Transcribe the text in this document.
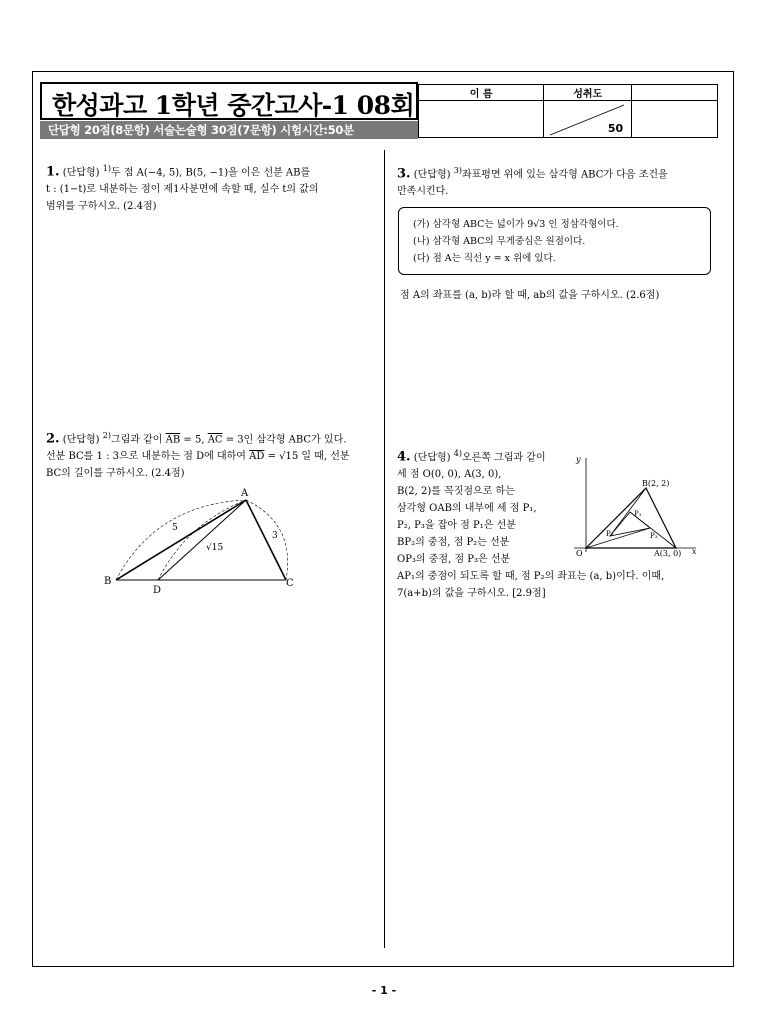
한성과고 1학년 중간고사-1 08회
단답형 20점(8문항) 서술논술형 30점(7문항) 시험시간:50분
이 름	성취도	

	50	

1. (단답형) $^{1)}$두 점 A(−4, 5), B(5, −1)을 이은 선분 AB를
t : (1−t)로 내분하는 점이 제1사분면에 속할 때, 실수 t의 값의
범위를 구하시오. (2.4점)
2. (단답형) $^{2)}$그림과 같이 $\overline{AB} = 5$, $\overline{AC} = 3$인 삼각형 ABC가 있다.
선분 BC를 1 : 3으로 내분하는 점 D에 대하여 $\overline{AD} = √15$ 일 때, 선분
BC의 길이를 구하시오. (2.4점)
A
B	C
D
5
3
√15
3. (단답형) $^{3)}$좌표평면 위에 있는 삼각형 ABC가 다음 조건을
만족시킨다.
(가) 삼각형 ABC는 넓이가 9√3 인 정삼각형이다.
(나) 삼각형 ABC의 무게중심은 원점이다.
(다) 점 A는 직선 y = x 위에 있다.
점 A의 좌표를 (a, b)라 할 때, ab의 값을 구하시오. (2.6점)
4. (단답형) $^{4)}$오른쪽 그림과 같이
세 점 O(0, 0), A(3, 0),
B(2, 2)를 꼭짓점으로 하는
삼각형 OAB의 내부에 세 점 P₁,
P₂, P₃을 잡아 점 P₁은 선분
BP₂의 중점, 점 P₂는 선분
OP₃의 중점, 점 P₃은 선분
AP₁의 중점이 되도록 할 때, 점 P₂의 좌표는 (a, b)이다. 이때,
7(a+b)의 값을 구하시오. [2.9점]
y
x
B(2, 2)
O	A(3, 0)
P₁
P₂	P₃
- 1 -
